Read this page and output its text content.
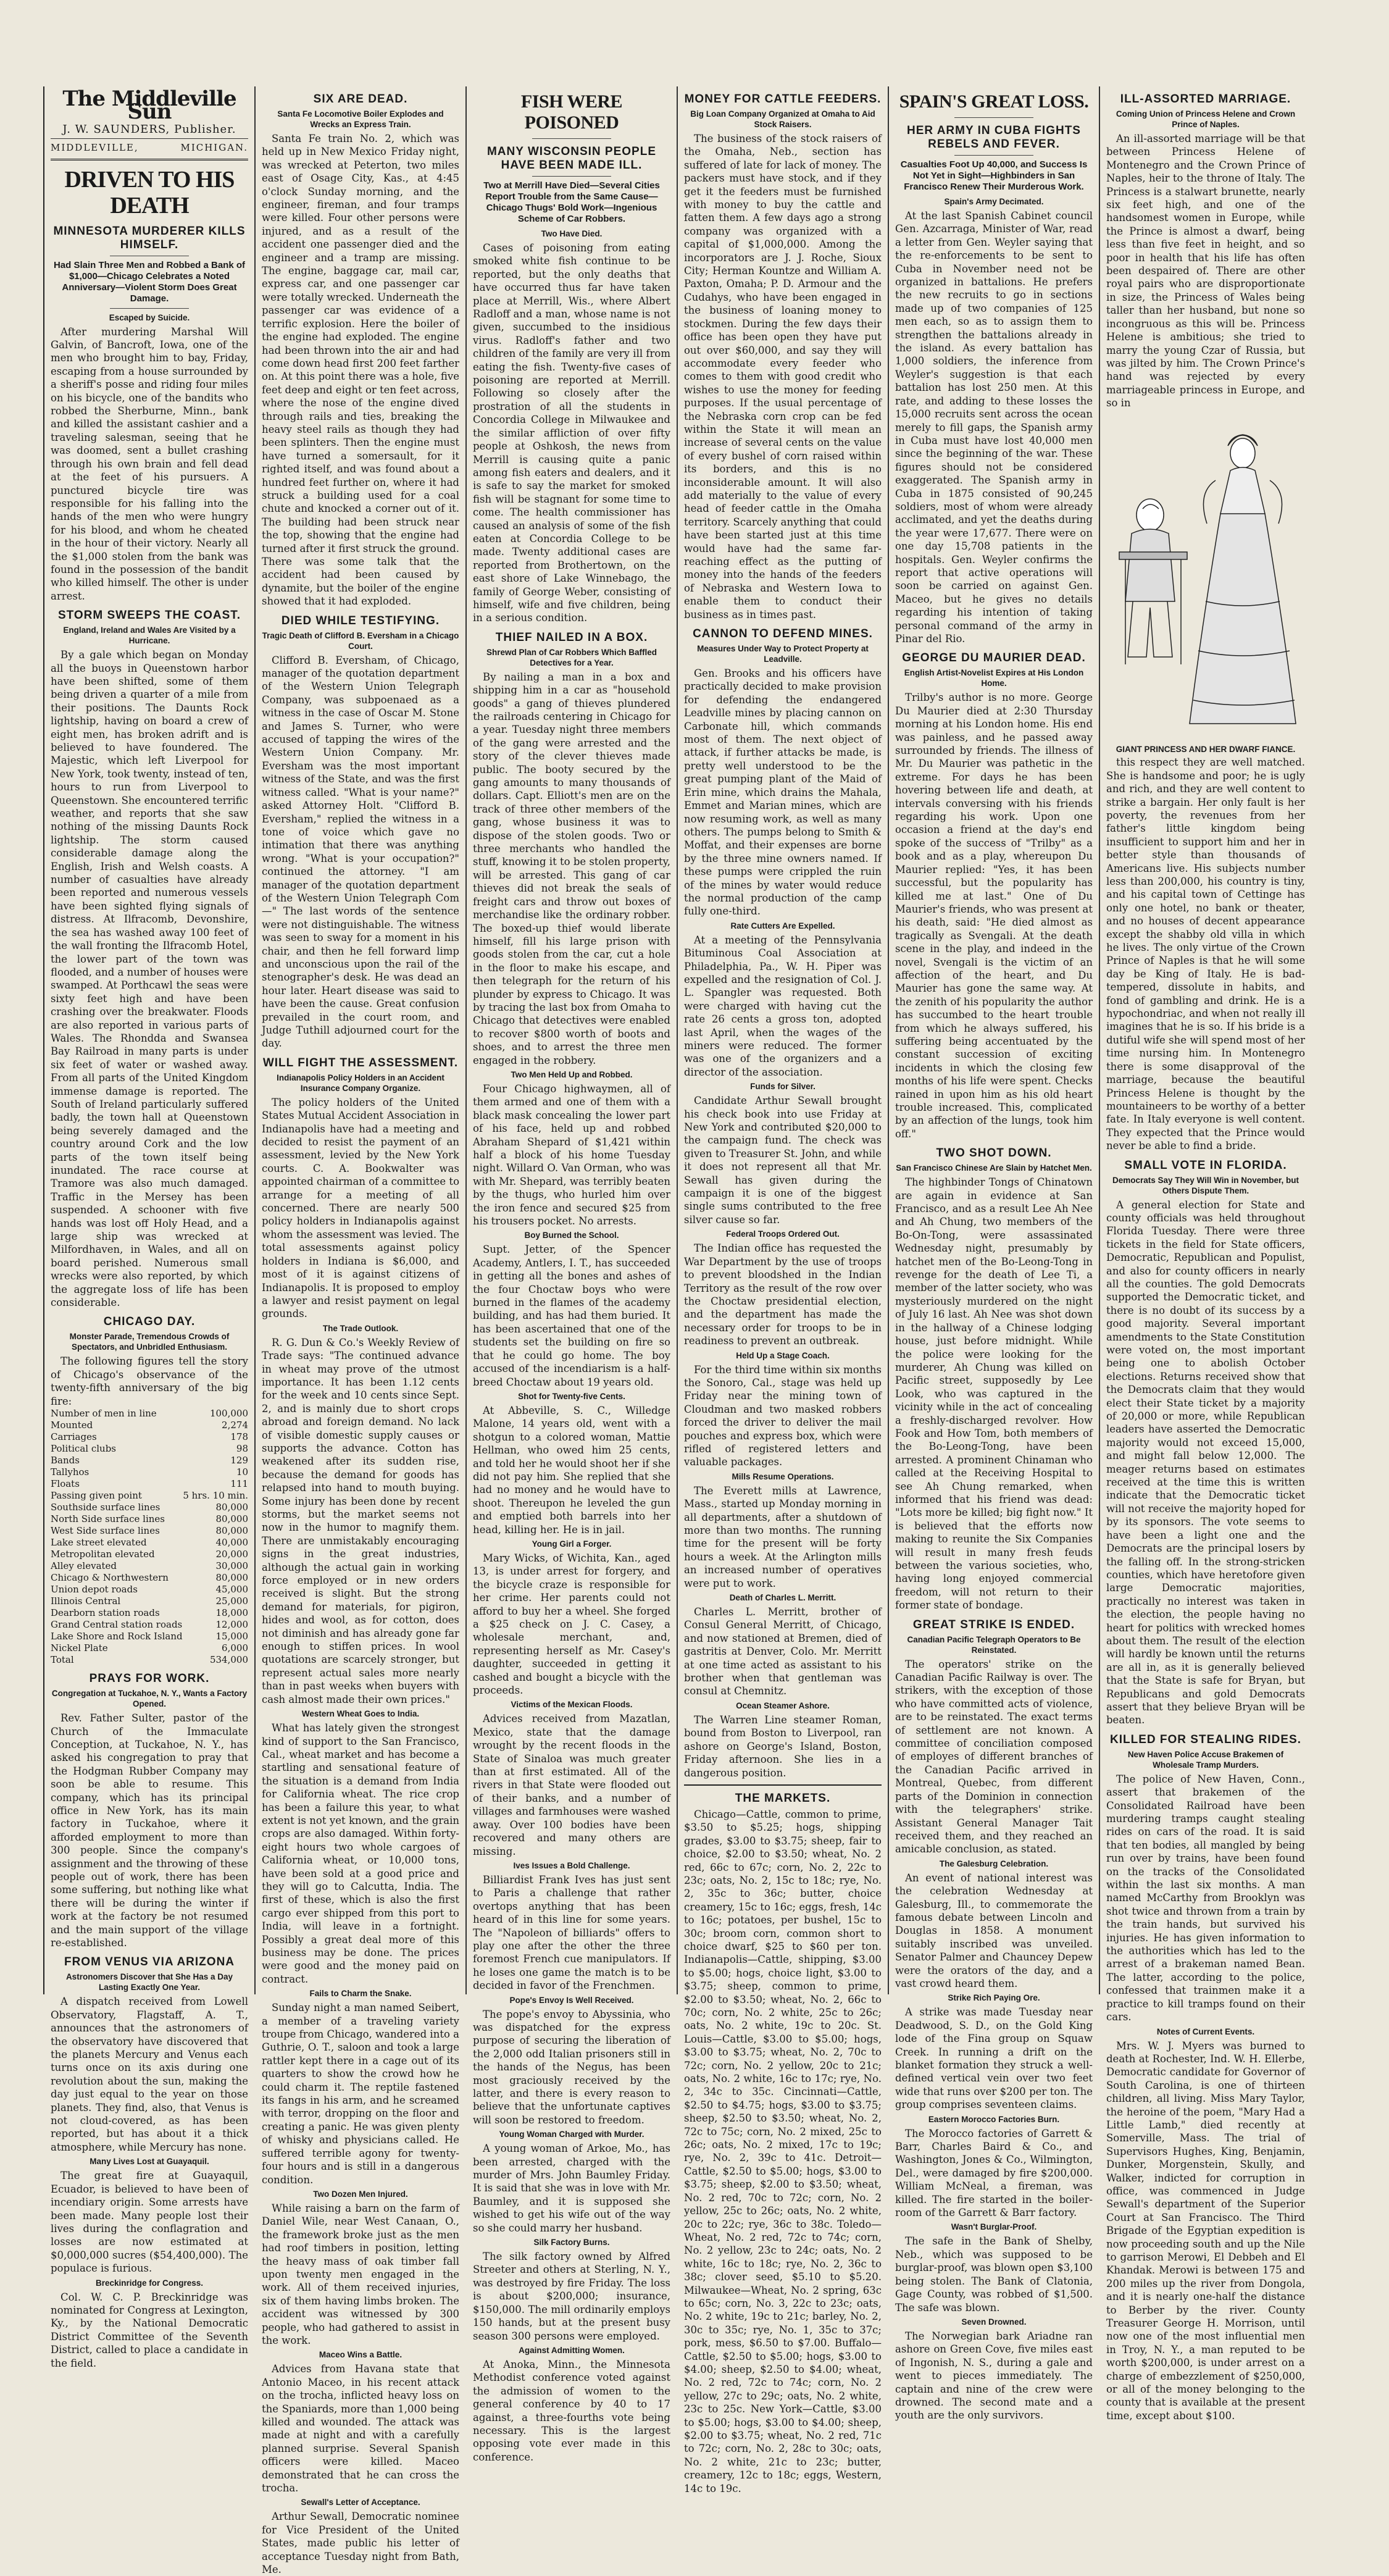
The Middleville Sun
J. W. SAUNDERS, Publisher.
MIDDLEVILLE,	MICHIGAN.
DRIVEN TO HIS DEATH
MINNESOTA MURDERER KILLS HIMSELF.
Had Slain Three Men and Robbed a Bank of $1,000—Chicago Celebrates a Noted Anniversary—Violent Storm Does Great Damage.
Escaped by Suicide.

After murdering Marshal Will Galvin, of Bancroft, Iowa, one of the men who brought him to bay, Friday, escaping from a house surrounded by a sheriff's posse and riding four miles on his bicycle, one of the bandits who robbed the Sherburne, Minn., bank and killed the assistant cashier and a traveling salesman, seeing that he was doomed, sent a bullet crashing through his own brain and fell dead at the feet of his pursuers. A punctured bicycle tire was responsible for his falling into the hands of the men who were hungry for his blood, and whom he cheated in the hour of their victory. Nearly all the $1,000 stolen from the bank was found in the possession of the bandit who killed himself. The other is under arrest.

STORM SWEEPS THE COAST.
England, Ireland and Wales Are Visited by a Hurricane.

By a gale which began on Monday all the buoys in Queenstown harbor have been shifted, some of them being driven a quarter of a mile from their positions. The Daunts Rock lightship, having on board a crew of eight men, has broken adrift and is believed to have foundered. The Majestic, which left Liverpool for New York, took twenty, instead of ten, hours to run from Liverpool to Queenstown. She encountered terrific weather, and reports that she saw nothing of the missing Daunts Rock lightship. The storm caused considerable damage along the English, Irish and Welsh coasts. A number of casualties have already been reported and numerous vessels have been sighted flying signals of distress. At Ilfracomb, Devonshire, the sea has washed away 100 feet of the wall fronting the Ilfracomb Hotel, the lower part of the town was flooded, and a number of houses were swamped. At Porthcawl the seas were sixty feet high and have been crashing over the breakwater. Floods are also reported in various parts of Wales. The Rhondda and Swansea Bay Railroad in many parts is under six feet of water or washed away. From all parts of the United Kingdom immense damage is reported. The South of Ireland particularly suffered badly, the town hall at Queenstown being severely damaged and the country around Cork and the low parts of the town itself being inundated. The race course at Tramore was also much damaged. Traffic in the Mersey has been suspended. A schooner with five hands was lost off Holy Head, and a large ship was wrecked at Milfordhaven, in Wales, and all on board perished. Numerous small wrecks were also reported, by which the aggregate loss of life has been considerable.

CHICAGO DAY.
Monster Parade, Tremendous Crowds of Spectators, and Unbridled Enthusiasm.

The following figures tell the story of Chicago's observance of the twenty-fifth anniversary of the big fire:

Number of men in line	100,000
Mounted	2,274
Carriages	178
Political clubs	98
Bands	129
Tallyhos	10
Floats	111
Passing given point	5 hrs. 10 min.
Southside surface lines	80,000
North Side surface lines	80,000
West Side surface lines	80,000
Lake street elevated	40,000
Metropolitan elevated	20,000
Alley elevated	30,000
Chicago & Northwestern	80,000
Union depot roads	45,000
Illinois Central	25,000
Dearborn station roads	18,000
Grand Central station roads	12,000
Lake Shore and Rock Island	15,000
Nickel Plate	6,000
Total	534,000
PRAYS FOR WORK.
Congregation at Tuckahoe, N. Y., Wants a Factory Opened.

Rev. Father Sulter, pastor of the Church of the Immaculate Conception, at Tuckahoe, N. Y., has asked his congregation to pray that the Hodgman Rubber Company may soon be able to resume. This company, which has its principal office in New York, has its main factory in Tuckahoe, where it afforded employment to more than 300 people. Since the company's assignment and the throwing of these people out of work, there has been some suffering, but nothing like what there will be during the winter if work at the factory be not resumed and the main support of the village re-established.

FROM VENUS VIA ARIZONA
Astronomers Discover that She Has a Day Lasting Exactly One Year.

A dispatch received from Lowell Observatory, Flagstaff, A. T., announces that the astronomers of the observatory have discovered that the planets Mercury and Venus each turns once on its axis during one revolution about the sun, making the day just equal to the year on those planets. They find, also, that Venus is not cloud-covered, as has been reported, but has about it a thick atmosphere, while Mercury has none.

Many Lives Lost at Guayaquil.

The great fire at Guayaquil, Ecuador, is believed to have been of incendiary origin. Some arrests have been made. Many people lost their lives during the conflagration and losses are now estimated at $0,000,000 sucres ($54,400,000). The populace is furious.

Breckinridge for Congress.

Col. W. C. P. Breckinridge was nominated for Congress at Lexington, Ky., by the National Democratic District Committee of the Seventh District, called to place a candidate in the field.

SIX ARE DEAD.
Santa Fe Locomotive Boiler Explodes and Wrecks an Express Train.

Santa Fe train No. 2, which was held up in New Mexico Friday night, was wrecked at Peterton, two miles east of Osage City, Kas., at 4:45 o'clock Sunday morning, and the engineer, fireman, and four tramps were killed. Four other persons were injured, and as a result of the accident one passenger died and the engineer and a tramp are missing. The engine, baggage car, mail car, express car, and one passenger car were totally wrecked. Underneath the passenger car was evidence of a terrific explosion. Here the boiler of the engine had exploded. The engine had been thrown into the air and had come down head first 200 feet farther on. At this point there was a hole, five feet deep and eight or ten feet across, where the nose of the engine dived through rails and ties, breaking the heavy steel rails as though they had been splinters. Then the engine must have turned a somersault, for it righted itself, and was found about a hundred feet further on, where it had struck a building used for a coal chute and knocked a corner out of it. The building had been struck near the top, showing that the engine had turned after it first struck the ground. There was some talk that the accident had been caused by dynamite, but the boiler of the engine showed that it had exploded.

DIED WHILE TESTIFYING.
Tragic Death of Clifford B. Eversham in a Chicago Court.

Clifford B. Eversham, of Chicago, manager of the quotation department of the Western Union Telegraph Company, was subpoenaed as a witness in the case of Oscar M. Stone and James S. Turner, who were accused of tapping the wires of the Western Union Company. Mr. Eversham was the most important witness of the State, and was the first witness called. "What is your name?" asked Attorney Holt. "Clifford B. Eversham," replied the witness in a tone of voice which gave no intimation that there was anything wrong. "What is your occupation?" continued the attorney. "I am manager of the quotation department of the Western Union Telegraph Com—" The last words of the sentence were not distinguishable. The witness was seen to sway for a moment in his chair, and then he fell forward limp and unconscious upon the rail of the stenographer's desk. He was dead an hour later. Heart disease was said to have been the cause. Great confusion prevailed in the court room, and Judge Tuthill adjourned court for the day.

WILL FIGHT THE ASSESSMENT.
Indianapolis Policy Holders in an Accident Insurance Company Organize.

The policy holders of the United States Mutual Accident Association in Indianapolis have had a meeting and decided to resist the payment of an assessment, levied by the New York courts. C. A. Bookwalter was appointed chairman of a committee to arrange for a meeting of all concerned. There are nearly 500 policy holders in Indianapolis against whom the assessment was levied. The total assessments against policy holders in Indiana is $6,000, and most of it is against citizens of Indianapolis. It is proposed to employ a lawyer and resist payment on legal grounds.

The Trade Outlook.

R. G. Dun & Co.'s Weekly Review of Trade says: "The continued advance in wheat may prove of the utmost importance. It has been 1.12 cents for the week and 10 cents since Sept. 2, and is mainly due to short crops abroad and foreign demand. No lack of visible domestic supply causes or supports the advance. Cotton has weakened after its sudden rise, because the demand for goods has relapsed into hand to mouth buying. Some injury has been done by recent storms, but the market seems not now in the humor to magnify them. There are unmistakably encouraging signs in the great industries, although the actual gain in working force employed or in new orders received is slight. But the strong demand for materials, for pigiron, hides and wool, as for cotton, does not diminish and has already gone far enough to stiffen prices. In wool quotations are scarcely stronger, but represent actual sales more nearly than in past weeks when buyers with cash almost made their own prices."

Western Wheat Goes to India.

What has lately given the strongest kind of support to the San Francisco, Cal., wheat market and has become a startling and sensational feature of the situation is a demand from India for California wheat. The rice crop has been a failure this year, to what extent is not yet known, and the grain crops are also damaged. Within forty-eight hours two whole cargoes of California wheat, or 10,000 tons, have been sold at a good price and they will go to Calcutta, India. The first of these, which is also the first cargo ever shipped from this port to India, will leave in a fortnight. Possibly a great deal more of this business may be done. The prices were good and the money paid on contract.

Fails to Charm the Snake.

Sunday night a man named Seibert, a member of a traveling variety troupe from Chicago, wandered into a Guthrie, O. T., saloon and took a large rattler kept there in a cage out of its quarters to show the crowd how he could charm it. The reptile fastened its fangs in his arm, and he screamed with terror, dropping on the floor and creating a panic. He was given plenty of whisky and physicians called. He suffered terrible agony for twenty-four hours and is still in a dangerous condition.

Two Dozen Men Injured.

While raising a barn on the farm of Daniel Wile, near West Canaan, O., the framework broke just as the men had roof timbers in position, letting the heavy mass of oak timber fall upon twenty men engaged in the work. All of them received injuries, six of them having limbs broken. The accident was witnessed by 300 people, who had gathered to assist in the work.

Maceo Wins a Battle.

Advices from Havana state that Antonio Maceo, in his recent attack on the trocha, inflicted heavy loss on the Spaniards, more than 1,000 being killed and wounded. The attack was made at night and with a carefully planned surprise. Several Spanish officers were killed. Maceo demonstrated that he can cross the trocha.

Sewall's Letter of Acceptance.

Arthur Sewall, Democratic nominee for Vice President of the United States, made public his letter of acceptance Tuesday night from Bath, Me.

FISH WERE POISONED
MANY WISCONSIN PEOPLE HAVE BEEN MADE ILL.
Two at Merrill Have Died—Several Cities Report Trouble from the Same Cause—Chicago Thugs' Bold Work—Ingenious Scheme of Car Robbers.
Two Have Died.

Cases of poisoning from eating smoked white fish continue to be reported, but the only deaths that have occurred thus far have taken place at Merrill, Wis., where Albert Radloff and a man, whose name is not given, succumbed to the insidious virus. Radloff's father and two children of the family are very ill from eating the fish. Twenty-five cases of poisoning are reported at Merrill. Following so closely after the prostration of all the students in Concordia College in Milwaukee and the similar affliction of over fifty people at Oshkosh, the news from Merrill is causing quite a panic among fish eaters and dealers, and it is safe to say the market for smoked fish will be stagnant for some time to come. The health commissioner has caused an analysis of some of the fish eaten at Concordia College to be made. Twenty additional cases are reported from Brothertown, on the east shore of Lake Winnebago, the family of George Weber, consisting of himself, wife and five children, being in a serious condition.

THIEF NAILED IN A BOX.
Shrewd Plan of Car Robbers Which Baffled Detectives for a Year.

By nailing a man in a box and shipping him in a car as "household goods" a gang of thieves plundered the railroads centering in Chicago for a year. Tuesday night three members of the gang were arrested and the story of the clever thieves made public. The booty secured by the gang amounts to many thousands of dollars. Capt. Elliott's men are on the track of three other members of the gang, whose business it was to dispose of the stolen goods. Two or three merchants who handled the stuff, knowing it to be stolen property, will be arrested. This gang of car thieves did not break the seals of freight cars and throw out boxes of merchandise like the ordinary robber. The boxed-up thief would liberate himself, fill his large prison with goods stolen from the car, cut a hole in the floor to make his escape, and then telegraph for the return of his plunder by express to Chicago. It was by tracing the last box from Omaha to Chicago that detectives were enabled to recover $800 worth of boots and shoes, and to arrest the three men engaged in the robbery.

Two Men Held Up and Robbed.

Four Chicago highwaymen, all of them armed and one of them with a black mask concealing the lower part of his face, held up and robbed Abraham Shepard of $1,421 within half a block of his home Tuesday night. Willard O. Van Orman, who was with Mr. Shepard, was terribly beaten by the thugs, who hurled him over the iron fence and secured $25 from his trousers pocket. No arrests.

Boy Burned the School.

Supt. Jetter, of the Spencer Academy, Antlers, I. T., has succeeded in getting all the bones and ashes of the four Choctaw boys who were burned in the flames of the academy building, and has had them buried. It has been ascertained that one of the students set the building on fire so that he could go home. The boy accused of the incendiarism is a half-breed Choctaw about 19 years old.

Shot for Twenty-five Cents.

At Abbeville, S. C., Willedge Malone, 14 years old, went with a shotgun to a colored woman, Mattie Hellman, who owed him 25 cents, and told her he would shoot her if she did not pay him. She replied that she had no money and he would have to shoot. Thereupon he leveled the gun and emptied both barrels into her head, killing her. He is in jail.

Young Girl a Forger.

Mary Wicks, of Wichita, Kan., aged 13, is under arrest for forgery, and the bicycle craze is responsible for her crime. Her parents could not afford to buy her a wheel. She forged a $25 check on J. C. Casey, a wholesale merchant, and, representing herself as Mr. Casey's daughter, succeeded in getting it cashed and bought a bicycle with the proceeds.

Victims of the Mexican Floods.

Advices received from Mazatlan, Mexico, state that the damage wrought by the recent floods in the State of Sinaloa was much greater than at first estimated. All of the rivers in that State were flooded out of their banks, and a number of villages and farmhouses were washed away. Over 100 bodies have been recovered and many others are missing.

Ives Issues a Bold Challenge.

Billiardist Frank Ives has just sent to Paris a challenge that rather overtops anything that has been heard of in this line for some years. The "Napoleon of billiards" offers to play one after the other the three foremost French cue manipulators. If he loses one game the match is to be decided in favor of the Frenchmen.

Pope's Envoy Is Well Received.

The pope's envoy to Abyssinia, who was dispatched for the express purpose of securing the liberation of the 2,000 odd Italian prisoners still in the hands of the Negus, has been most graciously received by the latter, and there is every reason to believe that the unfortunate captives will soon be restored to freedom.

Young Woman Charged with Murder.

A young woman of Arkoe, Mo., has been arrested, charged with the murder of Mrs. John Baumley Friday. It is said that she was in love with Mr. Baumley, and it is supposed she wished to get his wife out of the way so she could marry her husband.

Silk Factory Burns.

The silk factory owned by Alfred Streeter and others at Sterling, N. Y., was destroyed by fire Friday. The loss is about $200,000; insurance, $150,000. The mill ordinarily employs 150 hands, but at the present busy season 300 persons were employed.

Against Admitting Women.

At Anoka, Minn., the Minnesota Methodist conference voted against the admission of women to the general conference by 40 to 17 against, a three-fourths vote being necessary. This is the largest opposing vote ever made in this conference.

MONEY FOR CATTLE FEEDERS.
Big Loan Company Organized at Omaha to Aid Stock Raisers.

The business of the stock raisers of the Omaha, Neb., section has suffered of late for lack of money. The packers must have stock, and if they get it the feeders must be furnished with money to buy the cattle and fatten them. A few days ago a strong company was organized with a capital of $1,000,000. Among the incorporators are J. J. Roche, Sioux City; Herman Kountze and William A. Paxton, Omaha; P. D. Armour and the Cudahys, who have been engaged in the business of loaning money to stockmen. During the few days their office has been open they have put out over $60,000, and say they will accommodate every feeder who comes to them with good credit who wishes to use the money for feeding purposes. If the usual percentage of the Nebraska corn crop can be fed within the State it will mean an increase of several cents on the value of every bushel of corn raised within its borders, and this is no inconsiderable amount. It will also add materially to the value of every head of feeder cattle in the Omaha territory. Scarcely anything that could have been started just at this time would have had the same far-reaching effect as the putting of money into the hands of the feeders of Nebraska and Western Iowa to enable them to conduct their business as in times past.

CANNON TO DEFEND MINES.
Measures Under Way to Protect Property at Leadville.

Gen. Brooks and his officers have practically decided to make provision for defending the endangered Leadville mines by placing cannon on Carbonate hill, which commands most of them. The next object of attack, if further attacks be made, is pretty well understood to be the great pumping plant of the Maid of Erin mine, which drains the Mahala, Emmet and Marian mines, which are now resuming work, as well as many others. The pumps belong to Smith & Moffat, and their expenses are borne by the three mine owners named. If these pumps were crippled the ruin of the mines by water would reduce the normal production of the camp fully one-third.

Rate Cutters Are Expelled.

At a meeting of the Pennsylvania Bituminous Coal Association at Philadelphia, Pa., W. H. Piper was expelled and the resignation of Col. J. L. Spangler was requested. Both were charged with having cut the rate 26 cents a gross ton, adopted last April, when the wages of the miners were reduced. The former was one of the organizers and a director of the association.

Funds for Silver.

Candidate Arthur Sewall brought his check book into use Friday at New York and contributed $20,000 to the campaign fund. The check was given to Treasurer St. John, and while it does not represent all that Mr. Sewall has given during the campaign it is one of the biggest single sums contributed to the free silver cause so far.

Federal Troops Ordered Out.

The Indian office has requested the War Department by the use of troops to prevent bloodshed in the Indian Territory as the result of the row over the Choctaw presidential election, and the department has made the necessary order for troops to be in readiness to prevent an outbreak.

Held Up a Stage Coach.

For the third time within six months the Sonoro, Cal., stage was held up Friday near the mining town of Cloudman and two masked robbers forced the driver to deliver the mail pouches and express box, which were rifled of registered letters and valuable packages.

Mills Resume Operations.

The Everett mills at Lawrence, Mass., started up Monday morning in all departments, after a shutdown of more than two months. The running time for the present will be forty hours a week. At the Arlington mills an increased number of operatives were put to work.

Death of Charles L. Merritt.

Charles L. Merritt, brother of Consul General Merritt, of Chicago, and now stationed at Bremen, died of gastritis at Denver, Colo. Mr. Merritt at one time acted as assistant to his brother when that gentleman was consul at Chemnitz.

Ocean Steamer Ashore.

The Warren Line steamer Roman, bound from Boston to Liverpool, ran ashore on George's Island, Boston, Friday afternoon. She lies in a dangerous position.

THE MARKETS.

Chicago—Cattle, common to prime, $3.50 to $5.25; hogs, shipping grades, $3.00 to $3.75; sheep, fair to choice, $2.00 to $3.50; wheat, No. 2 red, 66c to 67c; corn, No. 2, 22c to 23c; oats, No. 2, 15c to 18c; rye, No. 2, 35c to 36c; butter, choice creamery, 15c to 16c; eggs, fresh, 14c to 16c; potatoes, per bushel, 15c to 30c; broom corn, common short to choice dwarf, $25 to $60 per ton. Indianapolis—Cattle, shipping, $3.00 to $5.00; hogs, choice light, $3.00 to $3.75; sheep, common to prime, $2.00 to $3.50; wheat, No. 2, 66c to 70c; corn, No. 2 white, 25c to 26c; oats, No. 2 white, 19c to 20c. St. Louis—Cattle, $3.00 to $5.00; hogs, $3.00 to $3.75; wheat, No. 2, 70c to 72c; corn, No. 2 yellow, 20c to 21c; oats, No. 2 white, 16c to 17c; rye, No. 2, 34c to 35c. Cincinnati—Cattle, $2.50 to $4.75; hogs, $3.00 to $3.75; sheep, $2.50 to $3.50; wheat, No. 2, 72c to 75c; corn, No. 2 mixed, 25c to 26c; oats, No. 2 mixed, 17c to 19c; rye, No. 2, 39c to 41c. Detroit—Cattle, $2.50 to $5.00; hogs, $3.00 to $3.75; sheep, $2.00 to $3.50; wheat, No. 2 red, 70c to 72c; corn, No. 2 yellow, 25c to 26c; oats, No. 2 white, 20c to 22c; rye, 36c to 38c. Toledo—Wheat, No. 2 red, 72c to 74c; corn, No. 2 yellow, 23c to 24c; oats, No. 2 white, 16c to 18c; rye, No. 2, 36c to 38c; clover seed, $5.10 to $5.20. Milwaukee—Wheat, No. 2 spring, 63c to 65c; corn, No. 3, 22c to 23c; oats, No. 2 white, 19c to 21c; barley, No. 2, 30c to 35c; rye, No. 1, 35c to 37c; pork, mess, $6.50 to $7.00. Buffalo—Cattle, $2.50 to $5.00; hogs, $3.00 to $4.00; sheep, $2.50 to $4.00; wheat, No. 2 red, 72c to 74c; corn, No. 2 yellow, 27c to 29c; oats, No. 2 white, 23c to 25c. New York—Cattle, $3.00 to $5.00; hogs, $3.00 to $4.00; sheep, $2.00 to $3.75; wheat, No. 2 red, 71c to 72c; corn, No. 2, 28c to 30c; oats, No. 2 white, 21c to 23c; butter, creamery, 12c to 18c; eggs, Western, 14c to 19c.

SPAIN'S GREAT LOSS.
HER ARMY IN CUBA FIGHTS REBELS AND FEVER.
Casualties Foot Up 40,000, and Success Is Not Yet in Sight—Highbinders in San Francisco Renew Their Murderous Work.
Spain's Army Decimated.

At the last Spanish Cabinet council Gen. Azcarraga, Minister of War, read a letter from Gen. Weyler saying that the re-enforcements to be sent to Cuba in November need not be organized in battalions. He prefers the new recruits to go in sections made up of two companies of 125 men each, so as to assign them to strengthen the battalions already in the island. As every battalion has 1,000 soldiers, the inference from Weyler's suggestion is that each battalion has lost 250 men. At this rate, and adding to these losses the 15,000 recruits sent across the ocean merely to fill gaps, the Spanish army in Cuba must have lost 40,000 men since the beginning of the war. These figures should not be considered exaggerated. The Spanish army in Cuba in 1875 consisted of 90,245 soldiers, most of whom were already acclimated, and yet the deaths during the year were 17,677. There were on one day 15,708 patients in the hospitals. Gen. Weyler confirms the report that active operations will soon be carried on against Gen. Maceo, but he gives no details regarding his intention of taking personal command of the army in Pinar del Rio.

GEORGE DU MAURIER DEAD.
English Artist-Novelist Expires at His London Home.

Trilby's author is no more. George Du Maurier died at 2:30 Thursday morning at his London home. His end was painless, and he passed away surrounded by friends. The illness of Mr. Du Maurier was pathetic in the extreme. For days he has been hovering between life and death, at intervals conversing with his friends regarding his work. Upon one occasion a friend at the day's end spoke of the success of "Trilby" as a book and as a play, whereupon Du Maurier replied: "Yes, it has been successful, but the popularity has killed me at last." One of Du Maurier's friends, who was present at his death, said: "He died almost as tragically as Svengali. At the death scene in the play, and indeed in the novel, Svengali is the victim of an affection of the heart, and Du Maurier has gone the same way. At the zenith of his popularity the author has succumbed to the heart trouble from which he always suffered, his suffering being accentuated by the constant succession of exciting incidents in which the closing few months of his life were spent. Checks rained in upon him as his old heart trouble increased. This, complicated by an affection of the lungs, took him off."

TWO SHOT DOWN.
San Francisco Chinese Are Slain by Hatchet Men.

The highbinder Tongs of Chinatown are again in evidence at San Francisco, and as a result Lee Ah Nee and Ah Chung, two members of the Bo-On-Tong, were assassinated Wednesday night, presumably by hatchet men of the Bo-Leong-Tong in revenge for the death of Lee Ti, a member of the latter society, who was mysteriously murdered on the night of July 16 last. Ah Nee was shot down in the hallway of a Chinese lodging house, just before midnight. While the police were looking for the murderer, Ah Chung was killed on Pacific street, supposedly by Lee Look, who was captured in the vicinity while in the act of concealing a freshly-discharged revolver. How Fook and How Tom, both members of the Bo-Leong-Tong, have been arrested. A prominent Chinaman who called at the Receiving Hospital to see Ah Chung remarked, when informed that his friend was dead: "Lots more be killed; big fight now." It is believed that the efforts now making to reunite the Six Companies will result in many fresh feuds between the various societies, who, having long enjoyed commercial freedom, will not return to their former state of bondage.

GREAT STRIKE IS ENDED.
Canadian Pacific Telegraph Operators to Be Reinstated.

The operators' strike on the Canadian Pacific Railway is over. The strikers, with the exception of those who have committed acts of violence, are to be reinstated. The exact terms of settlement are not known. A committee of conciliation composed of employes of different branches of the Canadian Pacific arrived in Montreal, Quebec, from different parts of the Dominion in connection with the telegraphers' strike. Assistant General Manager Tait received them, and they reached an amicable conclusion, as stated.

The Galesburg Celebration.

An event of national interest was the celebration Wednesday at Galesburg, Ill., to commemorate the famous debate between Lincoln and Douglas in 1858. A monument suitably inscribed was unveiled. Senator Palmer and Chauncey Depew were the orators of the day, and a vast crowd heard them.

Strike Rich Paying Ore.

A strike was made Tuesday near Deadwood, S. D., on the Gold King lode of the Fina group on Squaw Creek. In running a drift on the blanket formation they struck a well-defined vertical vein over two feet wide that runs over $200 per ton. The group comprises seventeen claims.

Eastern Morocco Factories Burn.

The Morocco factories of Garrett & Barr, Charles Baird & Co., and Washington, Jones & Co., Wilmington, Del., were damaged by fire $200,000. William McNeal, a fireman, was killed. The fire started in the boiler-room of the Garrett & Barr factory.

Wasn't Burglar-Proof.

The safe in the Bank of Shelby, Neb., which was supposed to be burglar-proof, was blown open $3,100 being stolen. The Bank of Clatonia, Gage County, was robbed of $1,500. The safe was blown.

Seven Drowned.

The Norwegian bark Ariadne ran ashore on Green Cove, five miles east of Ingonish, N. S., during a gale and went to pieces immediately. The captain and nine of the crew were drowned. The second mate and a youth are the only survivors.

ILL-ASSORTED MARRIAGE.
Coming Union of Princess Helene and Crown Prince of Naples.

An ill-assorted marriage will be that between Princess Helene of Montenegro and the Crown Prince of Naples, heir to the throne of Italy. The Princess is a stalwart brunette, nearly six feet high, and one of the handsomest women in Europe, while the Prince is almost a dwarf, being less than five feet in height, and so poor in health that his life has often been despaired of. There are other royal pairs who are disproportionate in size, the Princess of Wales being taller than her husband, but none so incongruous as this will be. Princess Helene is ambitious; she tried to marry the young Czar of Russia, but was jilted by him. The Crown Prince's hand was rejected by every marriageable princess in Europe, and so in

GIANT PRINCESS AND HER DWARF FIANCE.

this respect they are well matched. She is handsome and poor; he is ugly and rich, and they are well content to strike a bargain. Her only fault is her poverty, the revenues from her father's little kingdom being insufficient to support him and her in better style than thousands of Americans live. His subjects number less than 200,000, his country is tiny, and his capital town of Cettinge has only one hotel, no bank or theater, and no houses of decent appearance except the shabby old villa in which he lives. The only virtue of the Crown Prince of Naples is that he will some day be King of Italy. He is bad-tempered, dissolute in habits, and fond of gambling and drink. He is a hypochondriac, and when not really ill imagines that he is so. If his bride is a dutiful wife she will spend most of her time nursing him. In Montenegro there is some disapproval of the marriage, because the beautiful Princess Helene is thought by the mountaineers to be worthy of a better fate. In Italy everyone is well content. They expected that the Prince would never be able to find a bride.

SMALL VOTE IN FLORIDA.
Democrats Say They Will Win in November, but Others Dispute Them.

A general election for State and county officials was held throughout Florida Tuesday. There were three tickets in the field for State officers, Democratic, Republican and Populist, and also for county officers in nearly all the counties. The gold Democrats supported the Democratic ticket, and there is no doubt of its success by a good majority. Several important amendments to the State Constitution were voted on, the most important being one to abolish October elections. Returns received show that the Democrats claim that they would elect their State ticket by a majority of 20,000 or more, while Republican leaders have asserted the Democratic majority would not exceed 15,000, and might fall below 12,000. The meager returns based on estimates received at the time this is written indicate that the Democratic ticket will not receive the majority hoped for by its sponsors. The vote seems to have been a light one and the Democrats are the principal losers by the falling off. In the strong-stricken counties, which have heretofore given large Democratic majorities, practically no interest was taken in the election, the people having no heart for politics with wrecked homes about them. The result of the election will hardly be known until the returns are all in, as it is generally believed that the State is safe for Bryan, but Republicans and gold Democrats assert that they believe Bryan will be beaten.

KILLED FOR STEALING RIDES.
New Haven Police Accuse Brakemen of Wholesale Tramp Murders.

The police of New Haven, Conn., assert that brakemen of the Consolidated Railroad have been murdering tramps caught stealing rides on cars of the road. It is said that ten bodies, all mangled by being run over by trains, have been found on the tracks of the Consolidated within the last six months. A man named McCarthy from Brooklyn was shot twice and thrown from a train by the train hands, but survived his injuries. He has given information to the authorities which has led to the arrest of a brakeman named Bean. The latter, according to the police, confessed that trainmen make it a practice to kill tramps found on their cars.

Notes of Current Events.

Mrs. W. J. Myers was burned to death at Rochester, Ind. W. H. Ellerbe, Democratic candidate for Governor of South Carolina, is one of thirteen children, all living. Miss Mary Taylor, the heroine of the poem, "Mary Had a Little Lamb," died recently at Somerville, Mass. The trial of Supervisors Hughes, King, Benjamin, Dunker, Morgenstein, Skully, and Walker, indicted for corruption in office, was commenced in Judge Sewall's department of the Superior Court at San Francisco. The Third Brigade of the Egyptian expedition is now proceeding south and up the Nile to garrison Merowi, El Debbeh and El Khandak. Merowi is between 175 and 200 miles up the river from Dongola, and it is nearly one-half the distance to Berber by the river. County Treasurer George H. Morrison, until now one of the most influential men in Troy, N. Y., a man reputed to be worth $200,000, is under arrest on a charge of embezzlement of $250,000, or all of the money belonging to the county that is available at the present time, except about $100.
